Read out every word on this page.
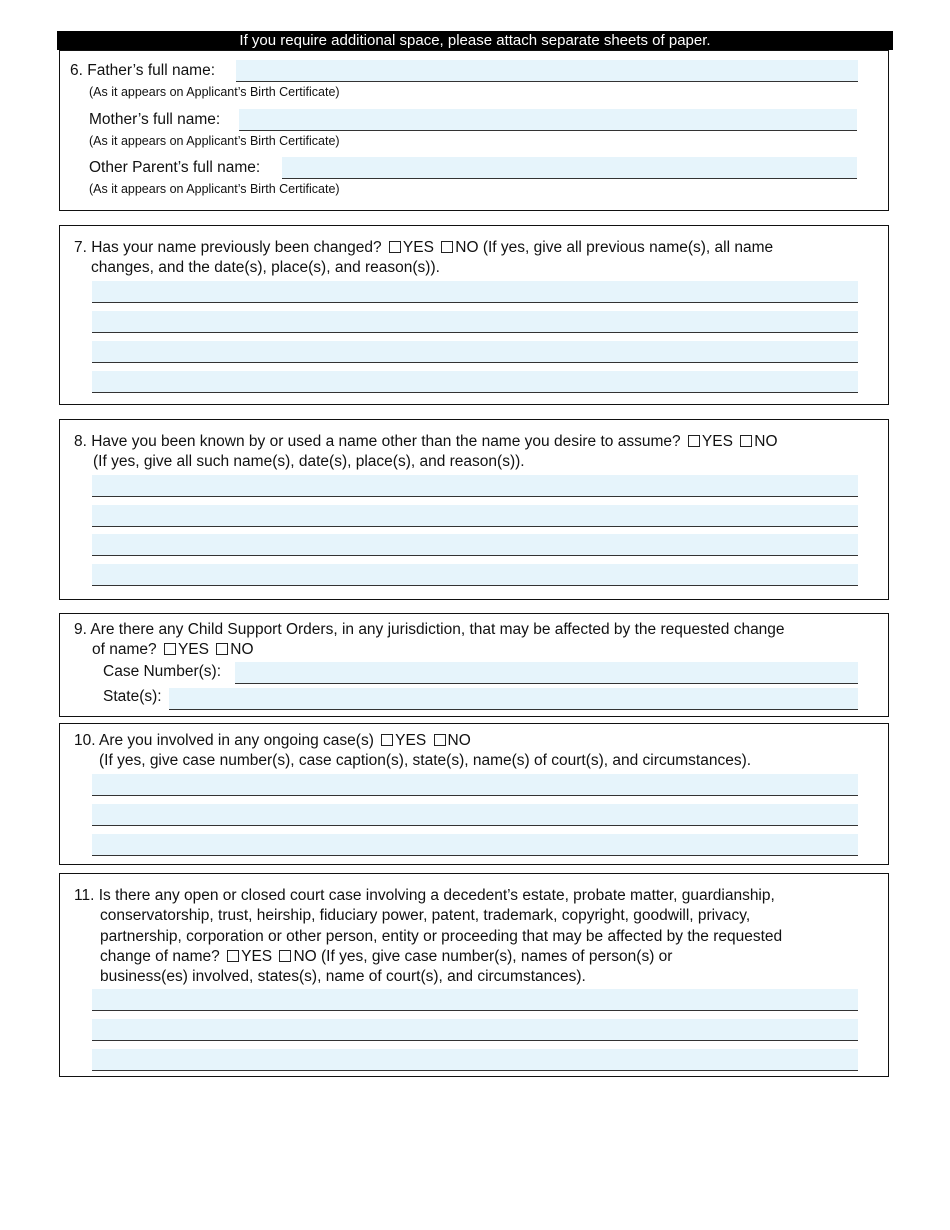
If you require additional space, please attach separate sheets of paper.
6. Father’s full name:
(As it appears on Applicant’s Birth Certificate)
Mother’s full name:
(As it appears on Applicant’s Birth Certificate)
Other Parent’s full name:
(As it appears on Applicant’s Birth Certificate)
7. Has your name previously been changed? YES NO (If yes, give all previous name(s), all name
changes, and the date(s), place(s), and reason(s)).
8. Have you been known by or used a name other than the name you desire to assume? YES NO
(If yes, give all such name(s), date(s), place(s), and reason(s)).
9. Are there any Child Support Orders, in any jurisdiction, that may be affected by the requested change
of name? YES NO
Case Number(s):
State(s):
10. Are you involved in any ongoing case(s) YES NO
(If yes, give case number(s), case caption(s), state(s), name(s) of court(s), and circumstances).
11. Is there any open or closed court case involving a decedent’s estate, probate matter, guardianship,
conservatorship, trust, heirship, fiduciary power, patent, trademark, copyright, goodwill, privacy,
partnership, corporation or other person, entity or proceeding that may be affected by the requested
change of name? YES NO (If yes, give case number(s), names of person(s) or
business(es) involved, states(s), name of court(s), and circumstances).
